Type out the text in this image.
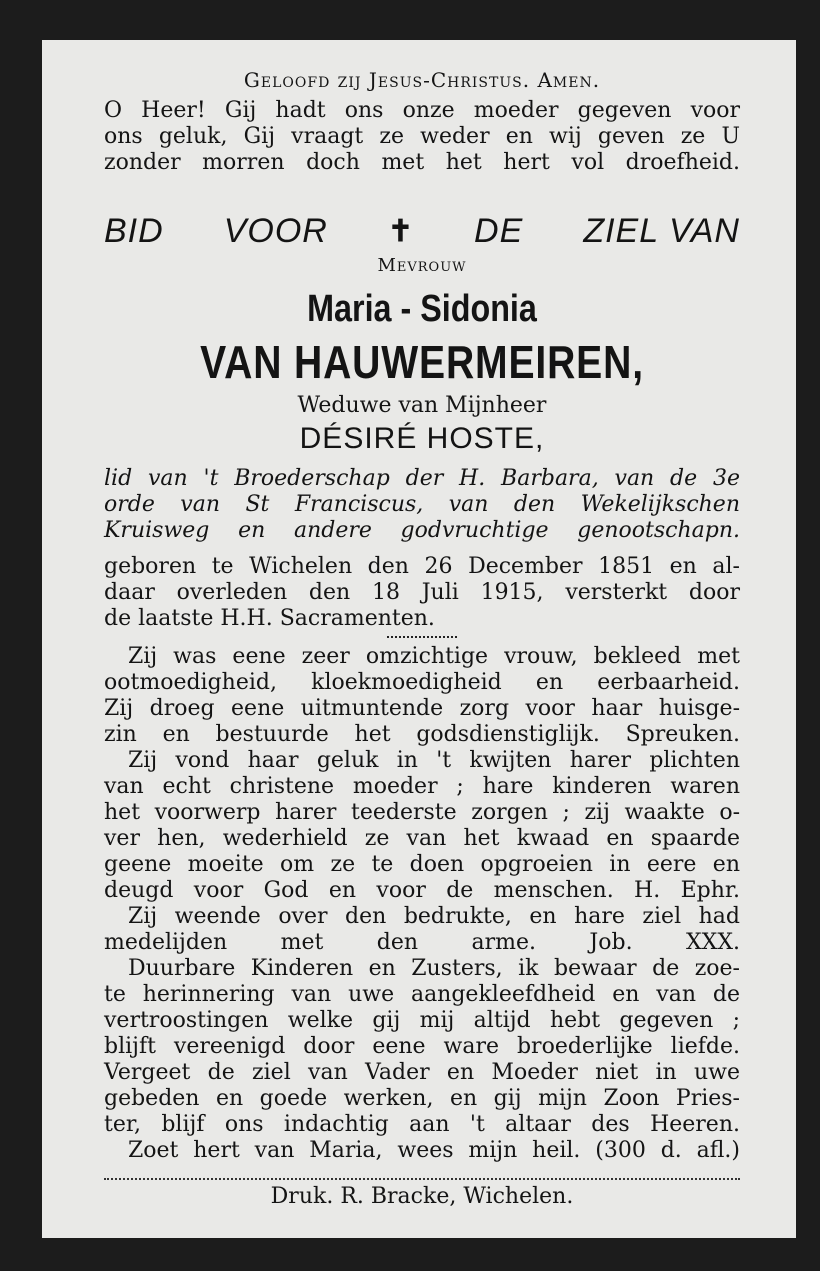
Geloofd zij Jesus-Christus. Amen.

O Heer! Gij hadt ons onze moeder gegeven voor

ons geluk, Gij vraagt ze weder en wij geven ze U

zonder morren doch met het hert vol droefheid.

BID VOOR ✝ DE ZIEL VAN
Mevrouw
Maria - Sidonia
VAN HAUWERMEIREN,
Weduwe van Mijnheer
DÉSIRÉ HOSTE,

lid van 't Broederschap der H. Barbara, van de 3e

orde van St Franciscus, van den Wekelijkschen

Kruisweg en andere godvruchtige genootschapn.

geboren te Wichelen den 26 December 1851 en al-

daar overleden den 18 Juli 1915, versterkt door

de laatste H.H. Sacramenten.

Zij was eene zeer omzichtige vrouw, bekleed met

ootmoedigheid, kloekmoedigheid en eerbaarheid.

Zij droeg eene uitmuntende zorg voor haar huisge-

zin en bestuurde het godsdienstiglijk. Spreuken.

Zij vond haar geluk in 't kwijten harer plichten

van echt christene moeder ; hare kinderen waren

het voorwerp harer teederste zorgen ; zij waakte o-

ver hen, wederhield ze van het kwaad en spaarde

geene moeite om ze te doen opgroeien in eere en

deugd voor God en voor de menschen. H. Ephr.

Zij weende over den bedrukte, en hare ziel had

medelijden met den arme. Job. XXX.

Duurbare Kinderen en Zusters, ik bewaar de zoe-

te herinnering van uwe aangekleefdheid en van de

vertroostingen welke gij mij altijd hebt gegeven ;

blijft vereenigd door eene ware broederlijke liefde.

Vergeet de ziel van Vader en Moeder niet in uwe

gebeden en goede werken, en gij mijn Zoon Pries-

ter, blijf ons indachtig aan 't altaar des Heeren.

Zoet hert van Maria, wees mijn heil. (300 d. afl.)

Druk. R. Bracke, Wichelen.
